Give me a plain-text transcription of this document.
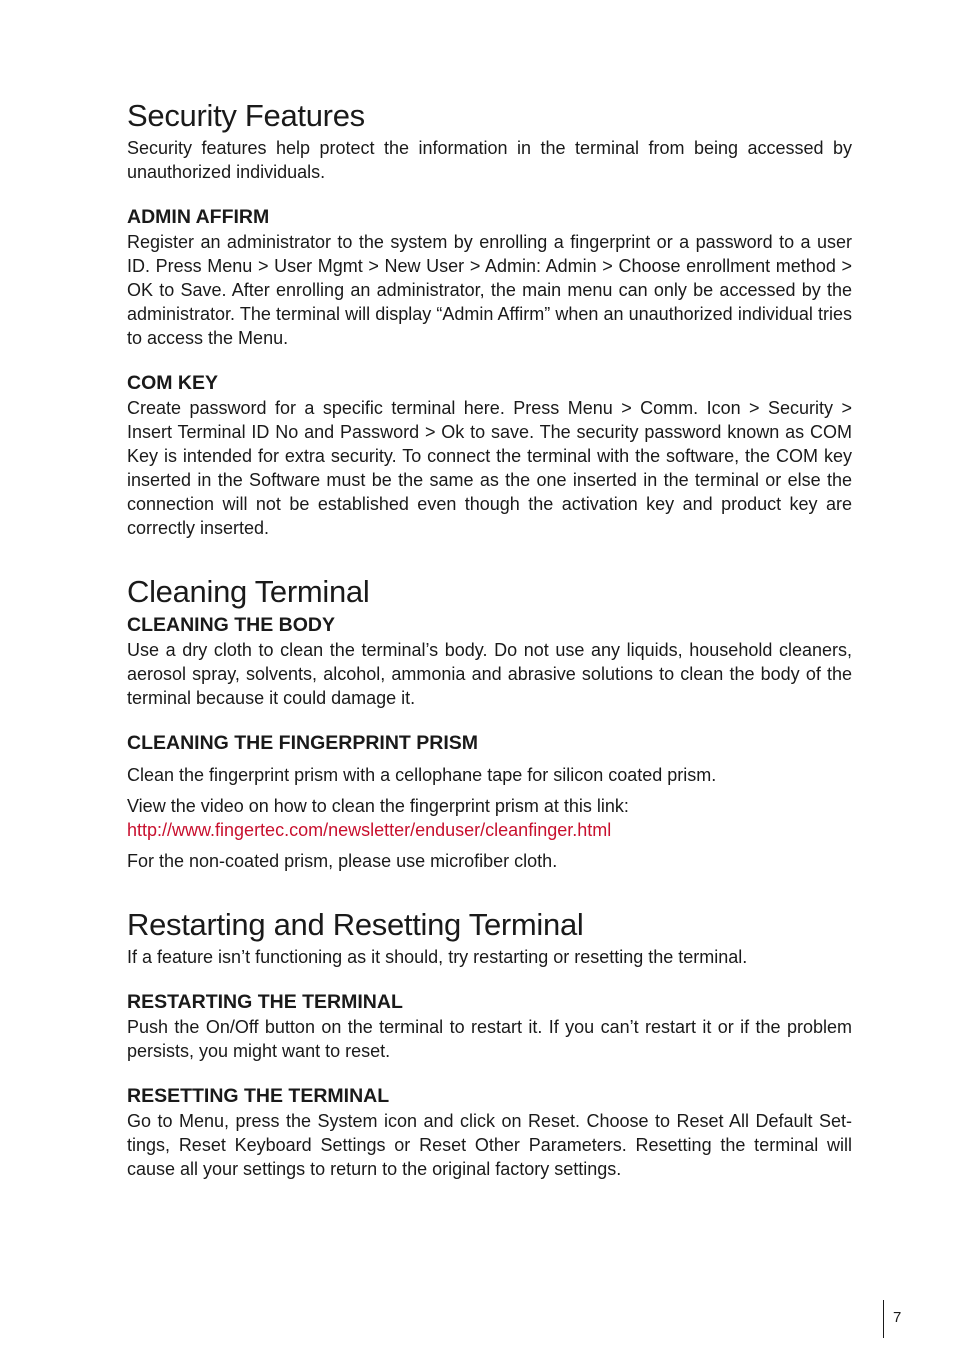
Security Features

Security features help protect the information in the terminal from being accessed by unauthorized individuals.

ADMIN AFFIRM

Register an administrator to the system by enrolling a fingerprint or a password to a user ID. Press Menu > User Mgmt > New User > Admin: Admin > Choose enrollment method > OK to Save. After enrolling an administrator, the main menu can only be accessed by the administrator. The terminal will display “Admin Affirm” when an unauthorized individual tries to access the Menu.

COM KEY

Create password for a specific terminal here. Press Menu > Comm. Icon > Security > Insert Terminal ID No and Password > Ok to save. The security password known as COM Key is intended for extra security. To connect the terminal with the software, the COM key inserted in the Software must be the same as the one inserted in the terminal or else the connection will not be established even though the activation key and product key are correctly inserted.

Cleaning Terminal
CLEANING THE BODY

Use a dry cloth to clean the terminal’s body. Do not use any liquids, household cleaners, aerosol spray, solvents, alcohol, ammonia and abrasive solutions to clean the body of the terminal because it could damage it.

CLEANING THE FINGERPRINT PRISM

Clean the fingerprint prism with a cellophane tape for silicon coated prism.

View the video on how to clean the fingerprint prism at this link:

http://www.fingertec.com/newsletter/enduser/cleanfinger.html

For the non-coated prism, please use microfiber cloth.

Restarting and Resetting Terminal

If a feature isn’t functioning as it should, try restarting or resetting the terminal.

RESTARTING THE TERMINAL

Push the On/Off button on the terminal to restart it. If you can’t restart it or if the problem persists, you might want to reset.

RESETTING THE TERMINAL

Go to Menu, press the System icon and click on Reset. Choose to Reset All Default Settings, Reset Keyboard Settings or Reset Other Parameters. Resetting the terminal will cause all your settings to return to the original factory settings.

7
